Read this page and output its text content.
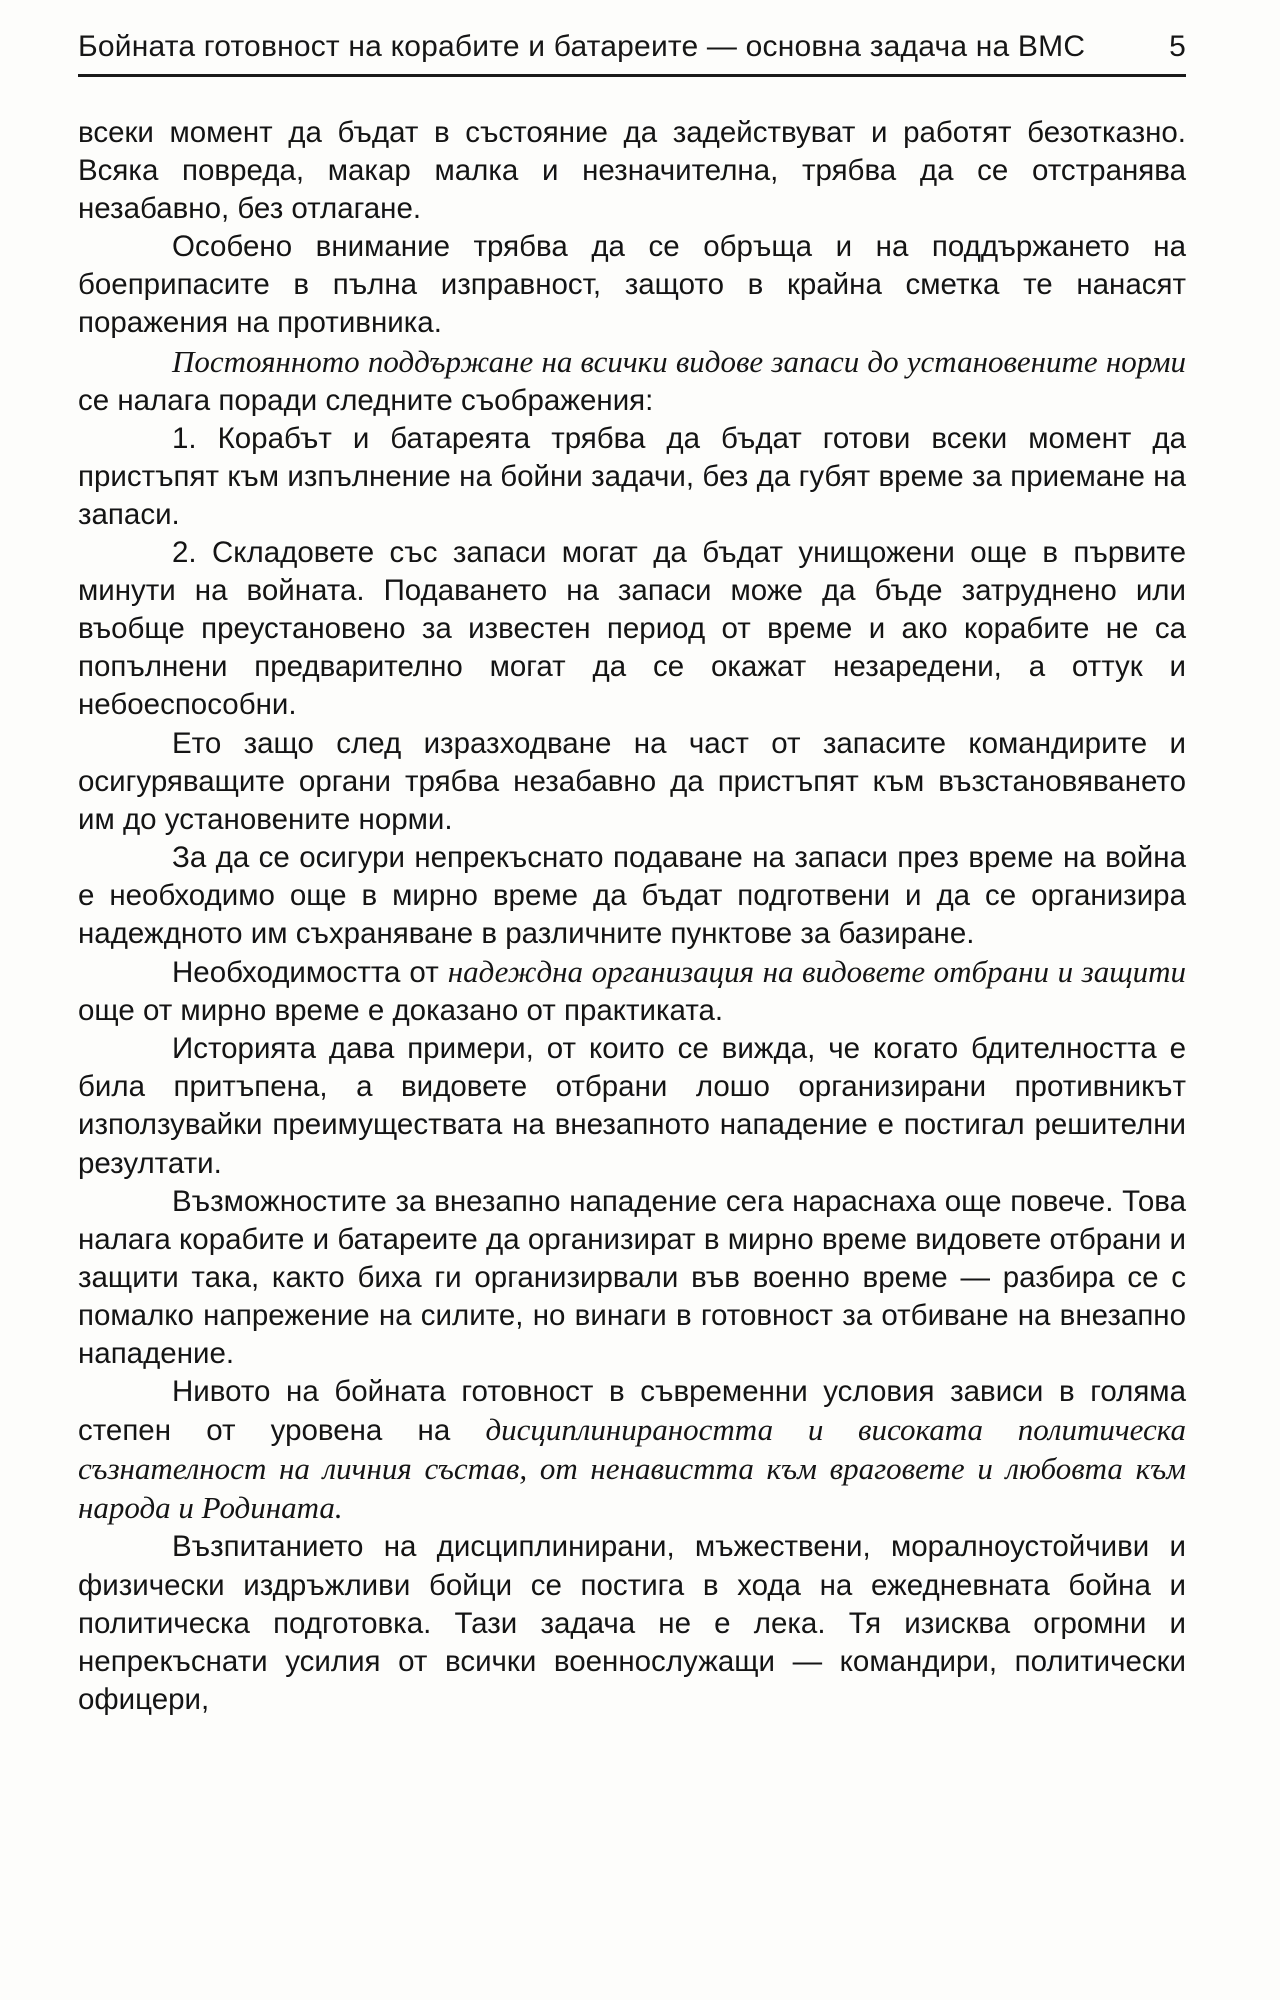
Бойната готовност на корабите и батареите — основна задача на ВМС	5

всеки момент да бъдат в състояние да задействуват и работят безотказно. Всяка повреда, макар малка и незначителна, трябва да се отстранява незабавно, без отлагане.

Особено внимание трябва да се обръща и на поддържането на боеприпасите в пълна изправност, защото в крайна сметка те нанасят поражения на противника.

Постоянното поддържане на всички видове запаси до установените норми се налага поради следните съображения:

1. Корабът и батареята трябва да бъдат готови всеки момент да пристъпят към изпълнение на бойни задачи, без да губят време за приемане на запаси.

2. Складовете със запаси могат да бъдат унищожени още в първите минути на войната. Подаването на запаси може да бъде затруднено или въобще преустановено за известен период от време и ако корабите не са попълнени предварително могат да се окажат незаредени, а оттук и небоеспособни.

Ето защо след изразходване на част от запасите командирите и осигуряващите органи трябва незабавно да пристъпят към възстановяването им до установените норми.

За да се осигури непрекъснато подаване на запаси през време на война е необходимо още в мирно време да бъдат подготвени и да се организира надеждното им съхраняване в различните пунктове за базиране.

Необходимостта от надеждна организация на видовете отбрани и защити още от мирно време е доказано от практиката.

Историята дава примери, от които се вижда, че когато бдителността е била притъпена, а видовете отбрани лошо организирани противникът използувайки преимуществата на внезапното нападение е постигал решителни резултати.

Възможностите за внезапно нападение сега нараснаха още повече. Това налага корабите и батареите да организират в мирно време видовете отбрани и защити така, както биха ги организирвали във военно време — разбира се с помалко напрежение на силите, но винаги в готовност за отбиване на внезапно нападение.

Нивото на бойната готовност в съвременни условия зависи в голяма степен от уровена на дисциплинираността и високата политическа съзнателност на личния състав, от ненавистта към враговете и любовта към народа и Родината.

Възпитанието на дисциплинирани, мъжествени, моралноустойчиви и физически издръжливи бойци се постига в хода на ежедневната бойна и политическа подготовка. Тази задача не е лека. Тя изисква огромни и непрекъснати усилия от всички военнослужащи — командири, политически офицери,
